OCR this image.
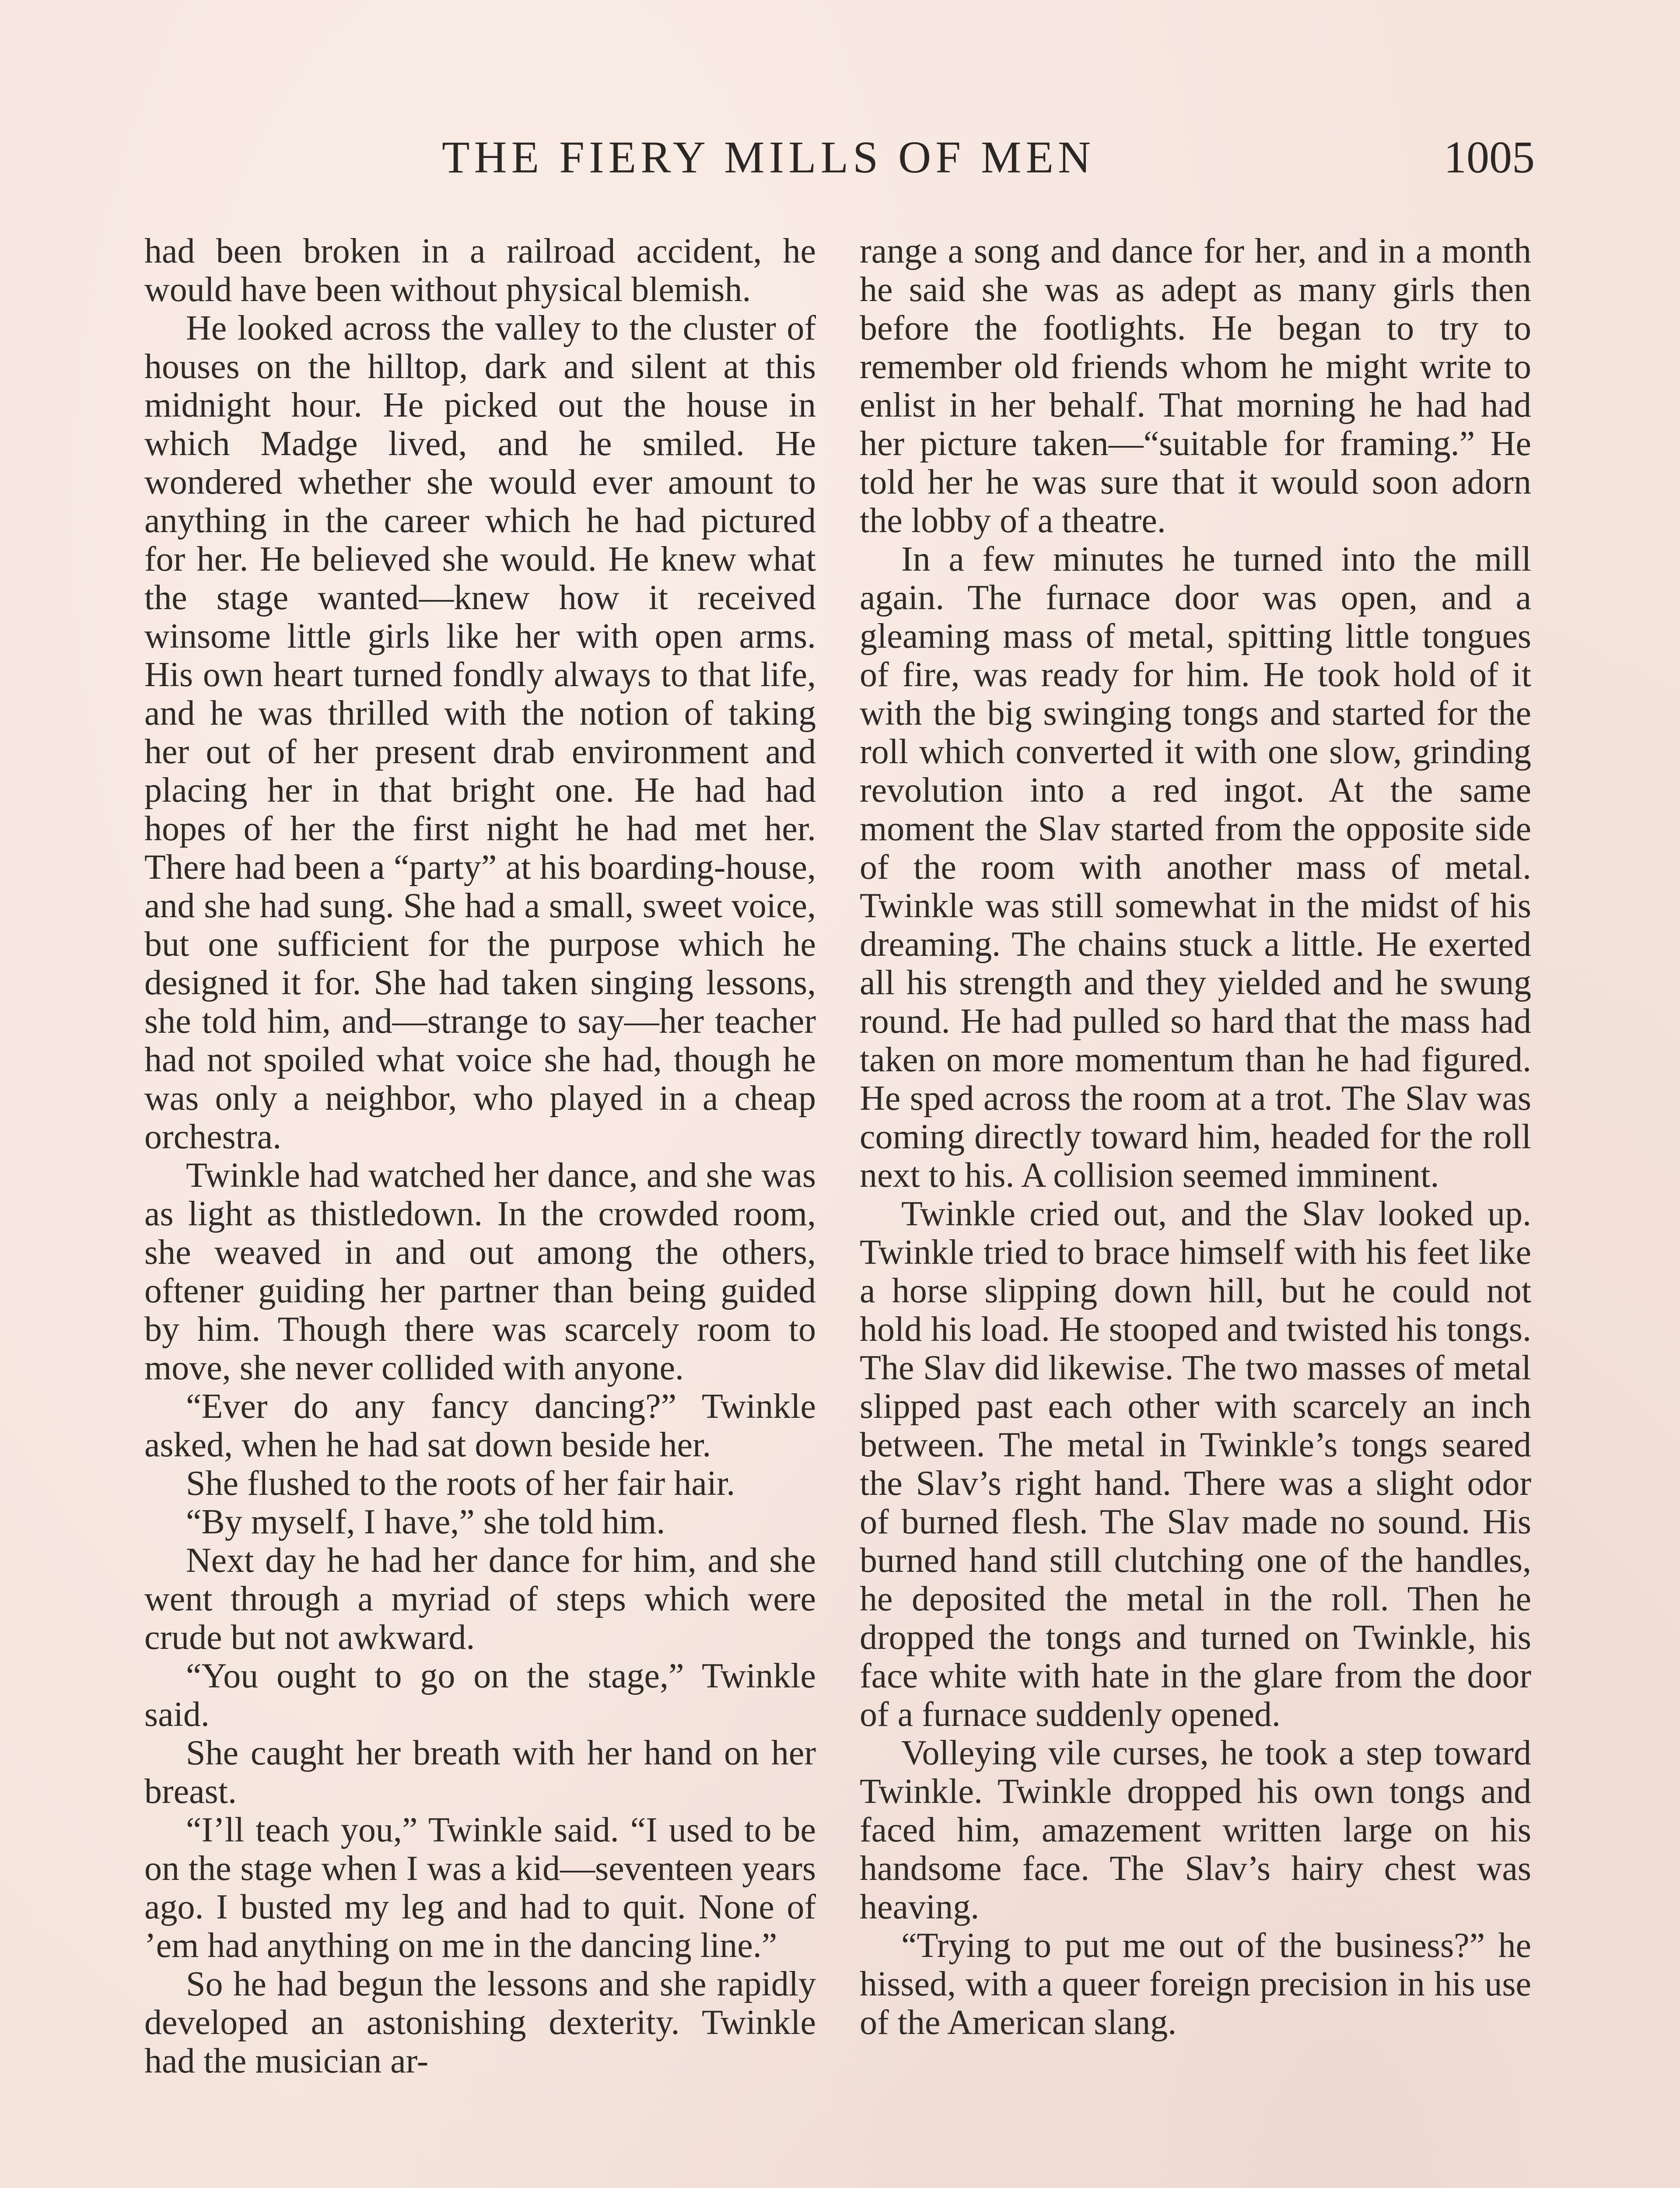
THE FIERY MILLS OF MEN	1005

had been broken in a railroad accident, he would have been without physical blemish.

He looked across the valley to the cluster of houses on the hilltop, dark and silent at this midnight hour. He picked out the house in which Madge lived, and he smiled. He wondered whether she would ever amount to anything in the career which he had pictured for her. He believed she would. He knew what the stage wanted—knew how it received winsome little girls like her with open arms. His own heart turned fondly always to that life, and he was thrilled with the notion of taking her out of her present drab environment and placing her in that bright one. He had had hopes of her the first night he had met her. There had been a “party” at his boarding-house, and she had sung. She had a small, sweet voice, but one sufficient for the purpose which he designed it for. She had taken singing lessons, she told him, and—strange to say—her teacher had not spoiled what voice she had, though he was only a neighbor, who played in a cheap orchestra.

Twinkle had watched her dance, and she was as light as thistledown. In the crowded room, she weaved in and out among the others, oftener guiding her partner than being guided by him. Though there was scarcely room to move, she never collided with anyone.

“Ever do any fancy dancing?” Twinkle asked, when he had sat down beside her.

She flushed to the roots of her fair hair.

“By myself, I have,” she told him.

Next day he had her dance for him, and she went through a myriad of steps which were crude but not awkward.

“You ought to go on the stage,” Twinkle said.

She caught her breath with her hand on her breast.

“I’ll teach you,” Twinkle said. “I used to be on the stage when I was a kid—seventeen years ago. I busted my leg and had to quit. None of ’em had anything on me in the dancing line.”

So he had begun the lessons and she rapidly developed an astonishing dexterity. Twinkle had the musician ar-

range a song and dance for her, and in a month he said she was as adept as many girls then before the footlights. He began to try to remember old friends whom he might write to enlist in her behalf. That morning he had had her picture taken—“suitable for framing.” He told her he was sure that it would soon adorn the lobby of a theatre.

In a few minutes he turned into the mill again. The furnace door was open, and a gleaming mass of metal, spitting little tongues of fire, was ready for him. He took hold of it with the big swinging tongs and started for the roll which converted it with one slow, grinding revolution into a red ingot. At the same moment the Slav started from the opposite side of the room with another mass of metal. Twinkle was still somewhat in the midst of his dreaming. The chains stuck a little. He exerted all his strength and they yielded and he swung round. He had pulled so hard that the mass had taken on more momentum than he had figured. He sped across the room at a trot. The Slav was coming directly toward him, headed for the roll next to his. A collision seemed imminent.

Twinkle cried out, and the Slav looked up. Twinkle tried to brace himself with his feet like a horse slipping down hill, but he could not hold his load. He stooped and twisted his tongs. The Slav did likewise. The two masses of metal slipped past each other with scarcely an inch between. The metal in Twinkle’s tongs seared the Slav’s right hand. There was a slight odor of burned flesh. The Slav made no sound. His burned hand still clutching one of the handles, he deposited the metal in the roll. Then he dropped the tongs and turned on Twinkle, his face white with hate in the glare from the door of a furnace suddenly opened.

Volleying vile curses, he took a step toward Twinkle. Twinkle dropped his own tongs and faced him, amazement written large on his handsome face. The Slav’s hairy chest was heaving.

“Trying to put me out of the business?” he hissed, with a queer foreign precision in his use of the American slang.
